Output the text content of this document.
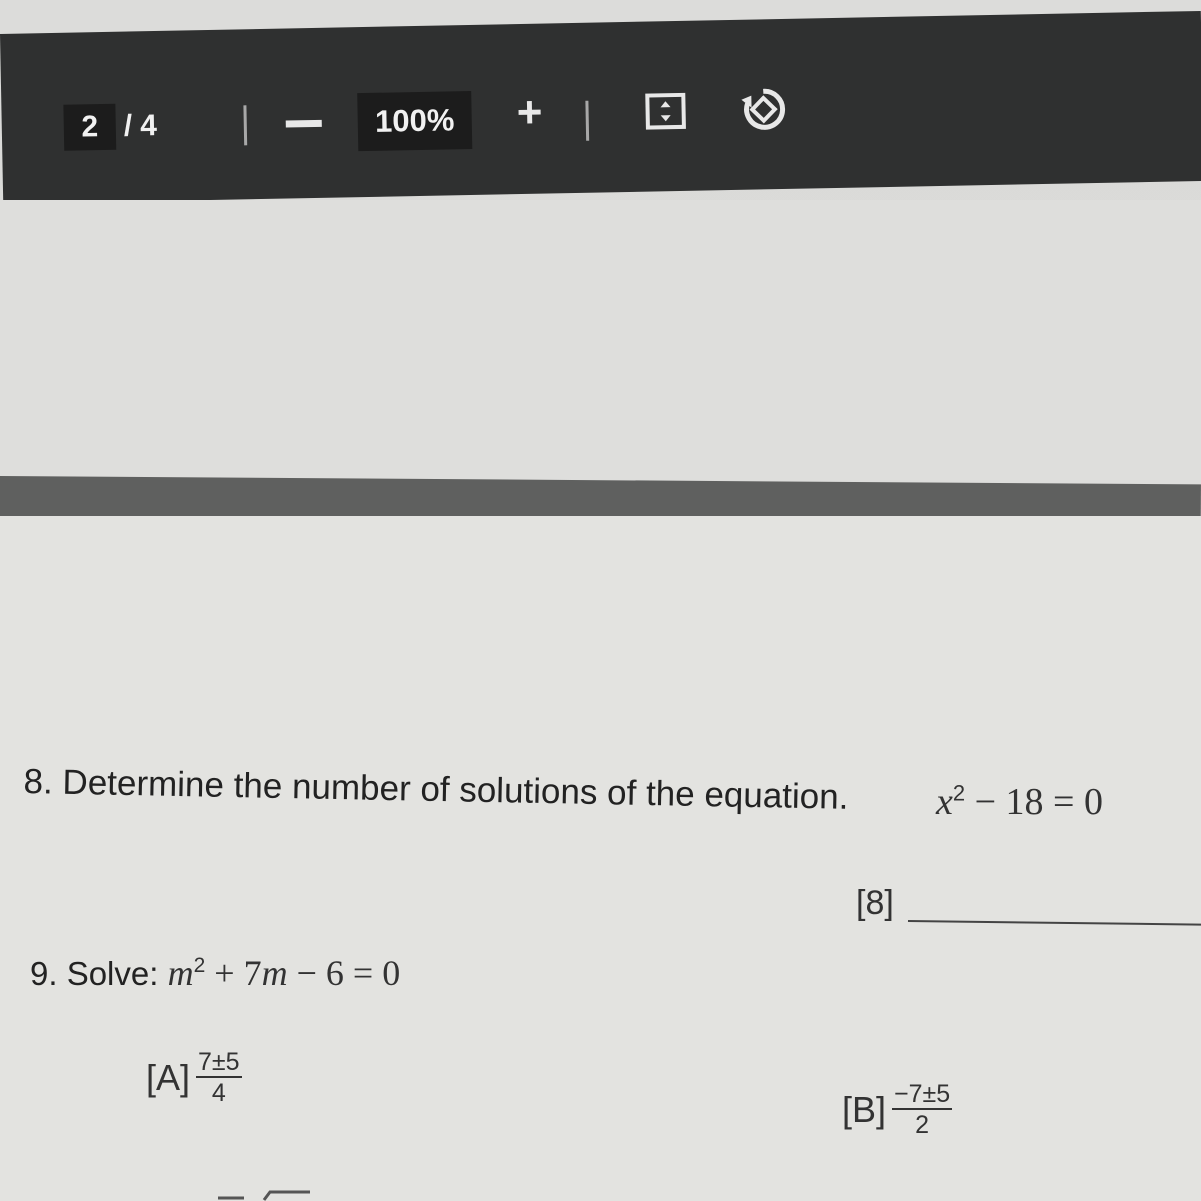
2 / 4	100%	+
8. Determine the number of solutions of the equation. $x^2 - 18 = 0$
[8]
9. Solve: $m^2 + 7m - 6 = 0$
$[A] \frac{7\pm 5}{4}$
$[B] \frac{-7\pm 5}{2}$
